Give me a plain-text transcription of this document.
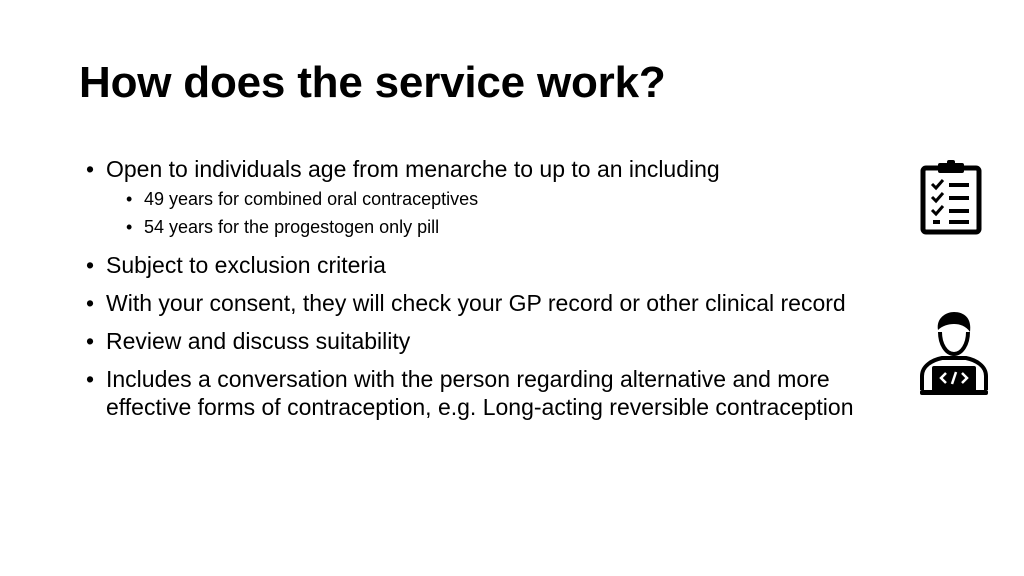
How does the service work?
• Open to individuals age from menarche to up to an including
• 49 years for combined oral contraceptives
• 54 years for the progestogen only pill
• Subject to exclusion criteria
• With your consent, they will check your GP record or other clinical record
• Review and discuss suitability
• Includes a conversation with the person regarding alternative and more effective forms of contraception, e.g. Long-acting reversible contraception
